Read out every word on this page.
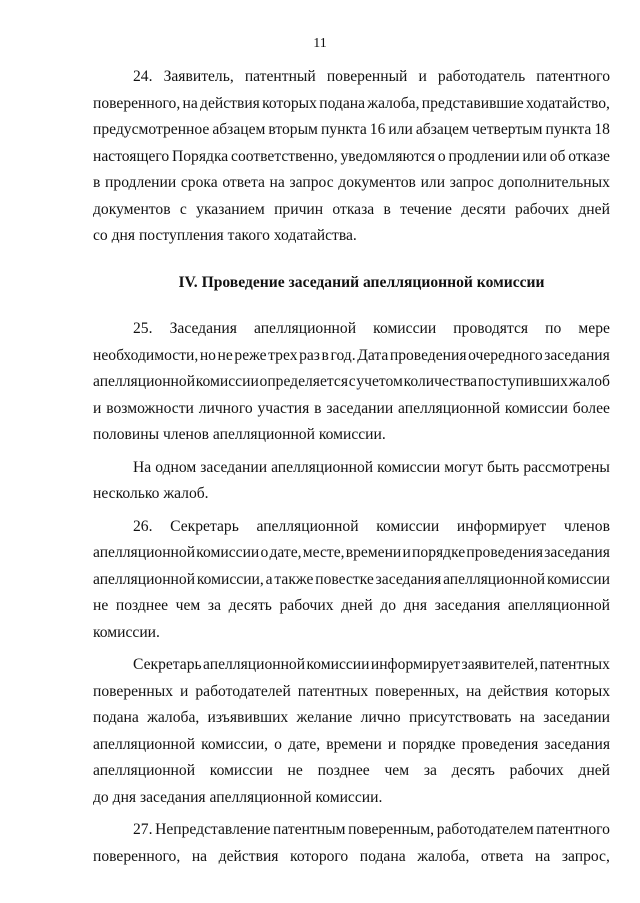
11
24. Заявитель, патентный поверенный и работодатель патентного
поверенного, на действия которых подана жалоба, представившие ходатайство,
предусмотренное абзацем вторым пункта 16 или абзацем четвертым пункта 18
настоящего Порядка соответственно, уведомляются о продлении или об отказе
в продлении срока ответа на запрос документов или запрос дополнительных
документов с указанием причин отказа в течение десяти рабочих дней
со дня поступления такого ходатайства.
IV. Проведение заседаний апелляционной комиссии
25. Заседания апелляционной комиссии проводятся по мере
необходимости, но не реже трех раз в год. Дата проведения очередного заседания
апелляционной комиссии определяется с учетом количества поступивших жалоб
и возможности личного участия в заседании апелляционной комиссии более
половины членов апелляционной комиссии.
На одном заседании апелляционной комиссии могут быть рассмотрены
несколько жалоб.
26. Секретарь апелляционной комиссии информирует членов
апелляционной комиссии о дате, месте, времени и порядке проведения заседания
апелляционной комиссии, а также повестке заседания апелляционной комиссии
не позднее чем за десять рабочих дней до дня заседания апелляционной
комиссии.
Секретарь апелляционной комиссии информирует заявителей, патентных
поверенных и работодателей патентных поверенных, на действия которых
подана жалоба, изъявивших желание лично присутствовать на заседании
апелляционной комиссии, о дате, времени и порядке проведения заседания
апелляционной комиссии не позднее чем за десять рабочих дней
до дня заседания апелляционной комиссии.
27. Непредставление патентным поверенным, работодателем патентного
поверенного, на действия которого подана жалоба, ответа на запрос,
